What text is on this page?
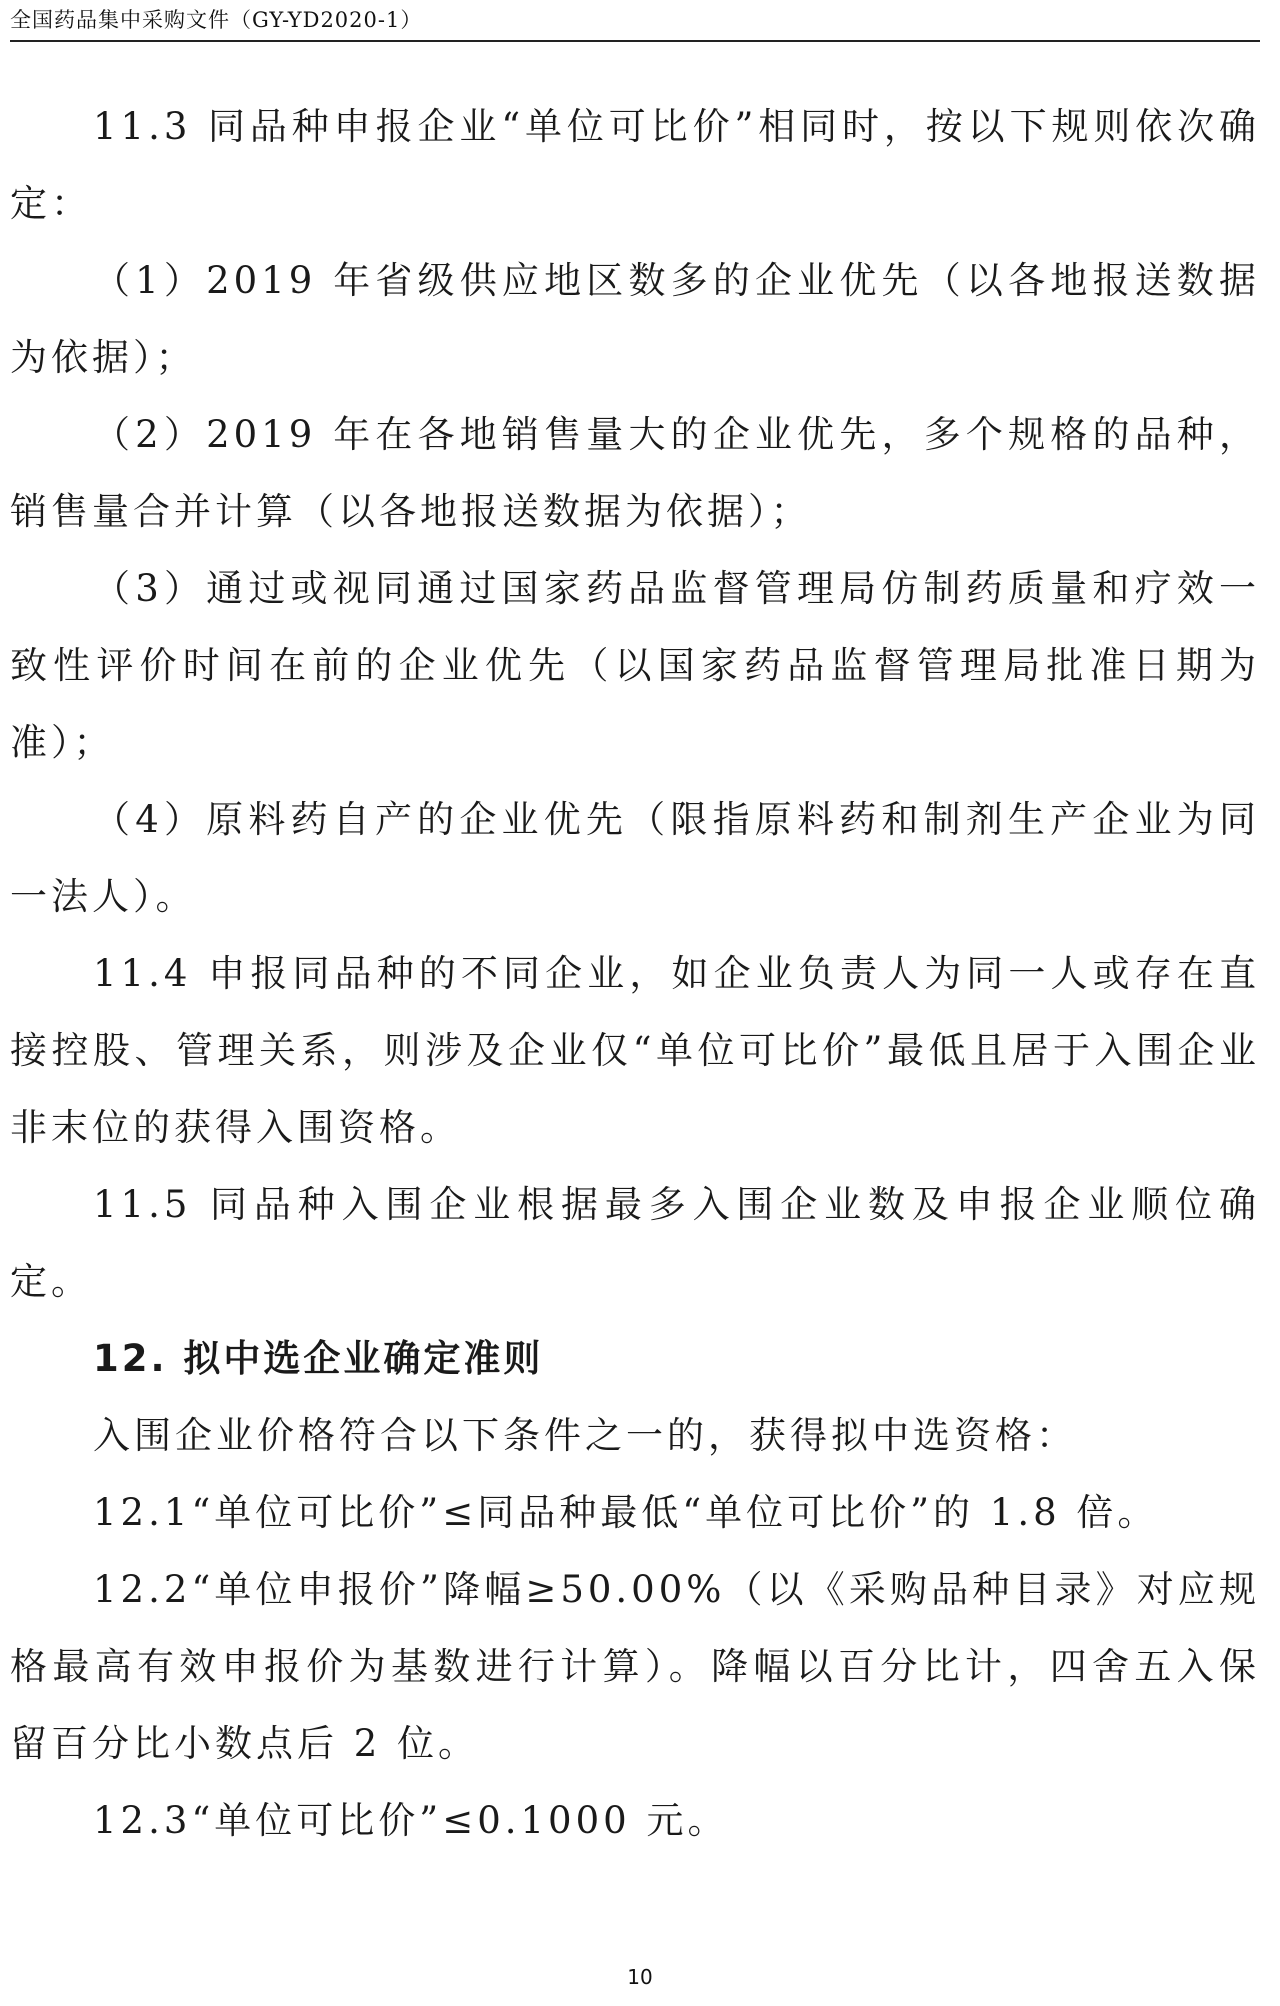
全国药品集中采购文件（GY-YD2020-1）

11.3 同品种申报企业“单位可比价”相同时，按以下规则依次确定：

（1）2019 年省级供应地区数多的企业优先（以各地报送数据为依据）；

（2）2019 年在各地销售量大的企业优先，多个规格的品种，销售量合并计算（以各地报送数据为依据）；

（3）通过或视同通过国家药品监督管理局仿制药质量和疗效一致性评价时间在前的企业优先（以国家药品监督管理局批准日期为准）；

（4）原料药自产的企业优先（限指原料药和制剂生产企业为同一法人）。

11.4 申报同品种的不同企业，如企业负责人为同一人或存在直接控股、管理关系，则涉及企业仅“单位可比价”最低且居于入围企业非末位的获得入围资格。

11.5 同品种入围企业根据最多入围企业数及申报企业顺位确定。

12. 拟中选企业确定准则

入围企业价格符合以下条件之一的，获得拟中选资格：

12.1“单位可比价”≤同品种最低“单位可比价”的 1.8 倍。

12.2“单位申报价”降幅≥50.00%（以《采购品种目录》对应规格最高有效申报价为基数进行计算）。降幅以百分比计，四舍五入保留百分比小数点后 2 位。

12.3“单位可比价”≤0.1000 元。

10
